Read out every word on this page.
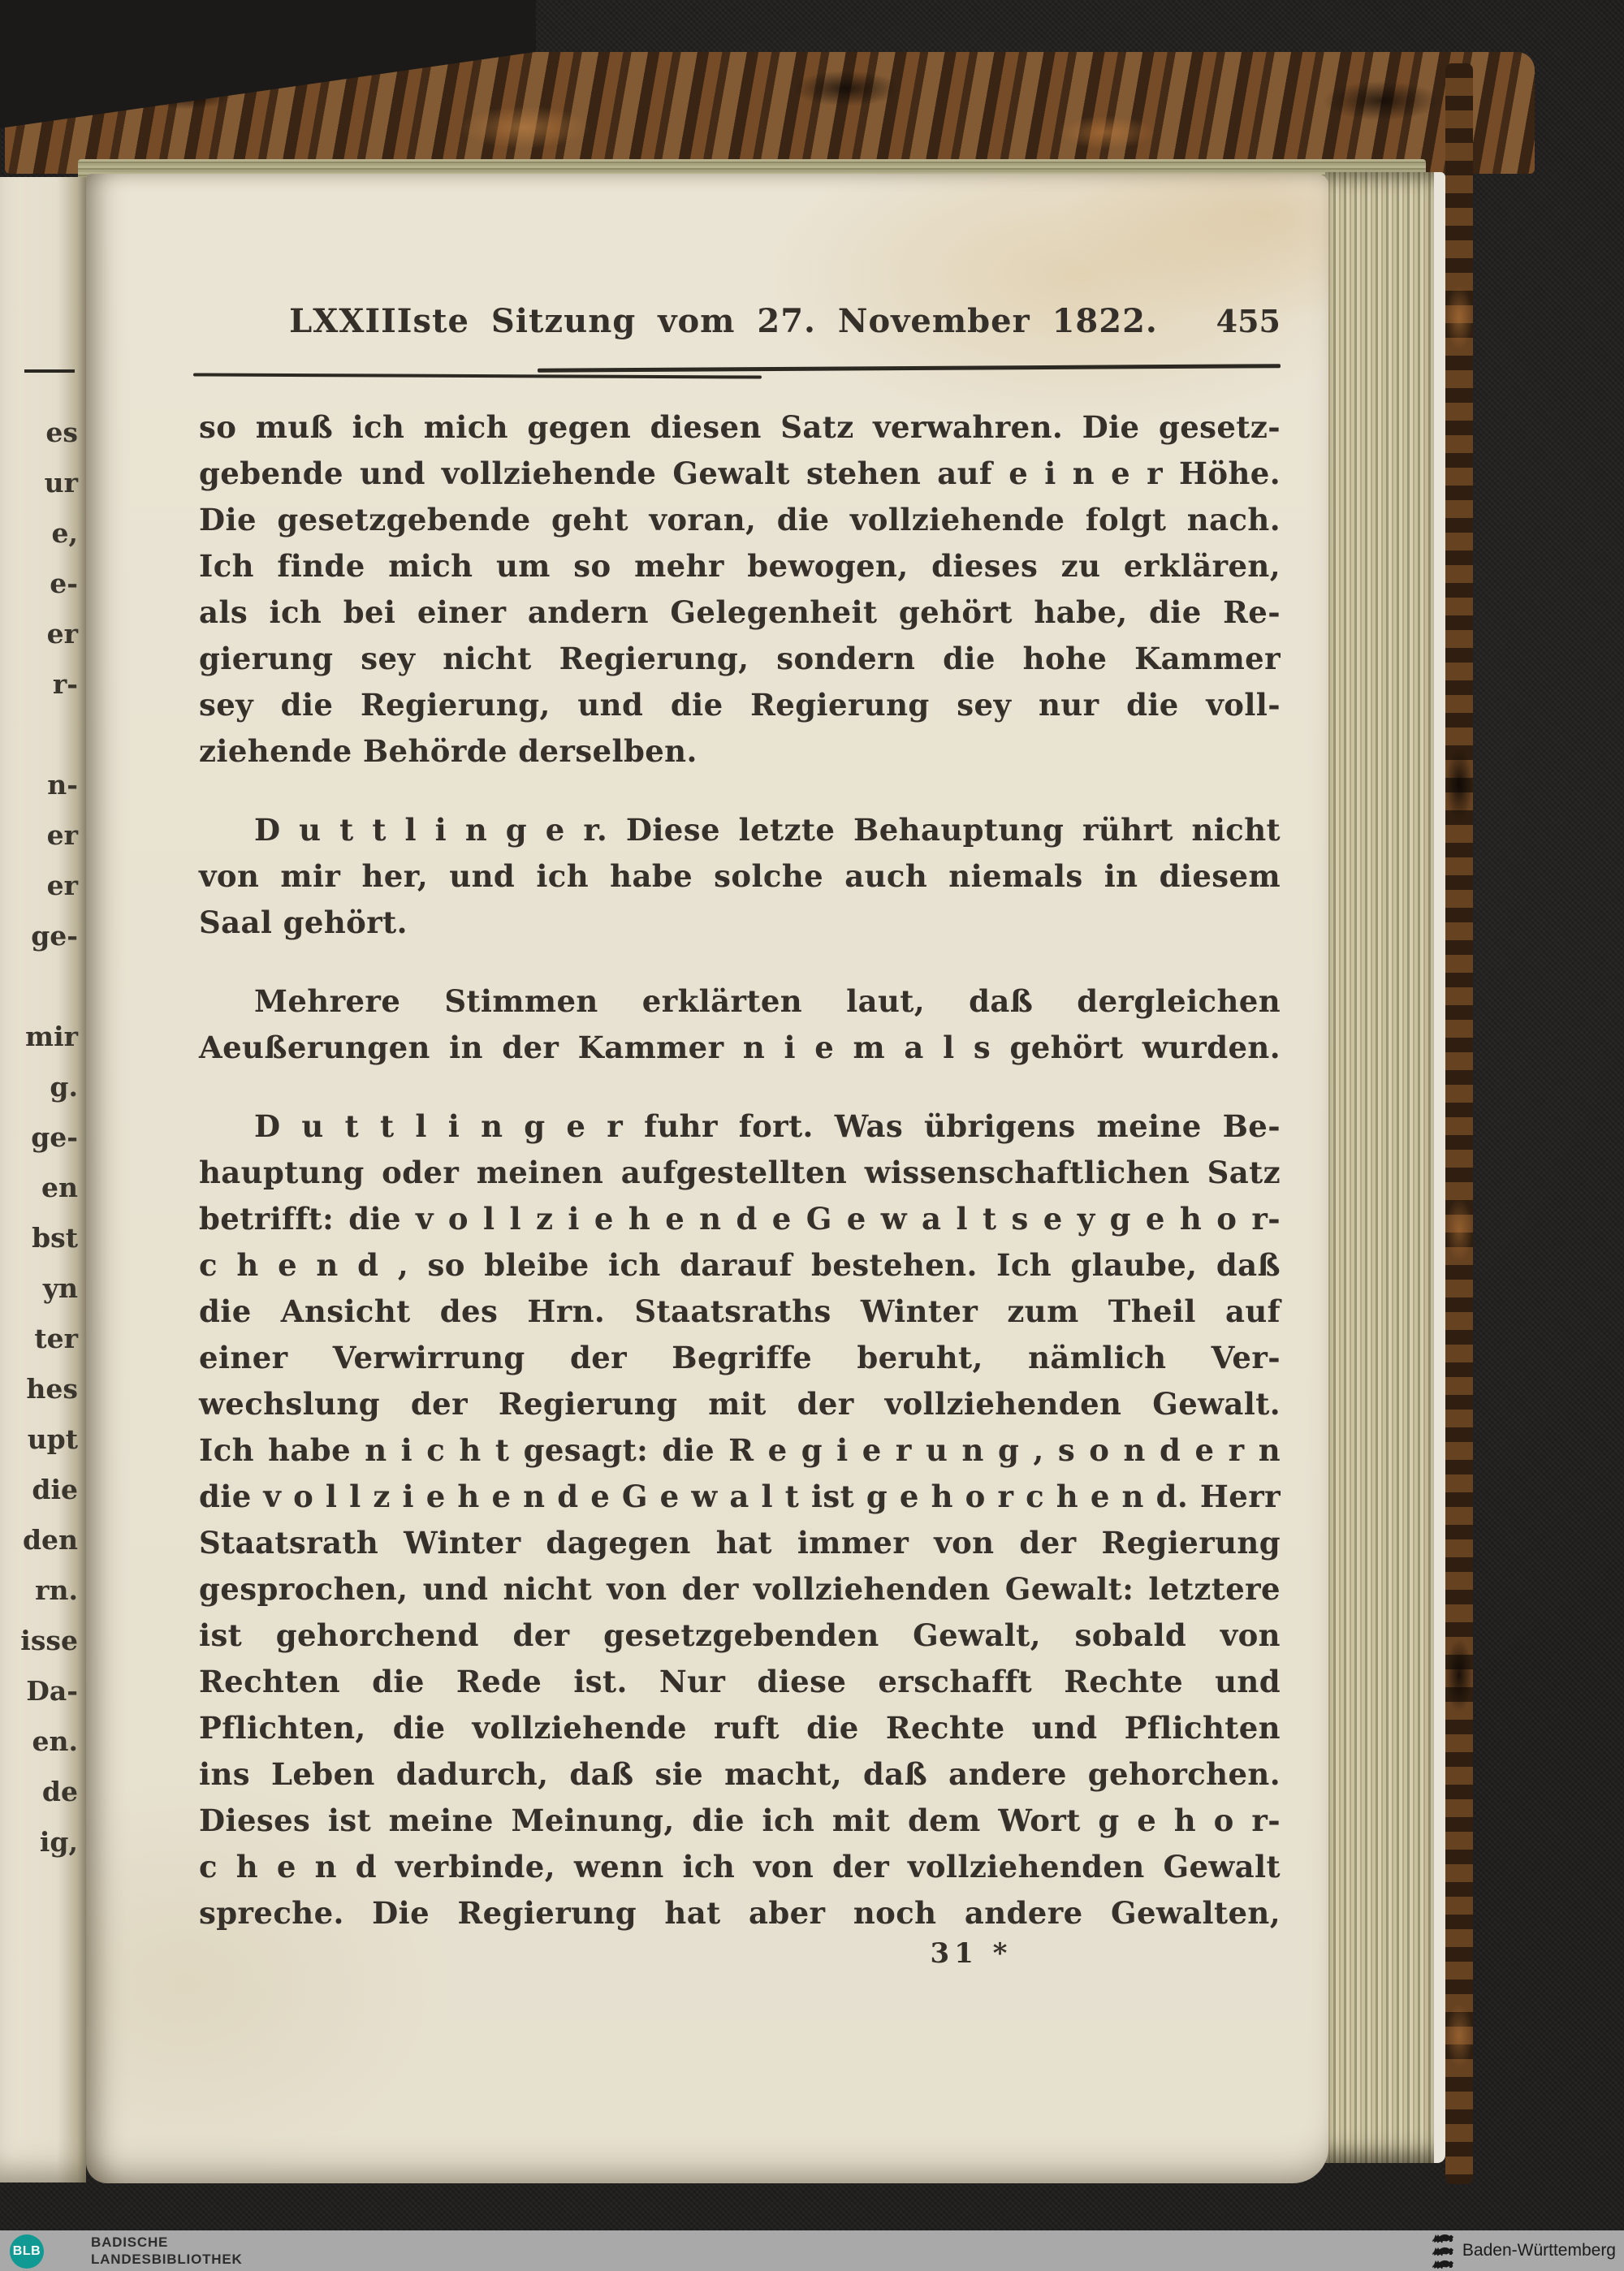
es
ur
e,
e-
er
r-
n-
er
er
ge-
mir
g.
ge-
en
bst
yn
ter
hes
upt
die
den
rn.
isse
Da-
en.
de
ig,
LXXIIIste Sitzung vom 27. November 1822.	455
so muß ich mich gegen diesen Satz verwahren. Die gesetz-
gebende und vollziehende Gewalt stehen auf e i n e r Höhe.
Die gesetzgebende geht voran, die vollziehende folgt nach.
Ich finde mich um so mehr bewogen, dieses zu erklären,
als ich bei einer andern Gelegenheit gehört habe, die Re-
gierung sey nicht Regierung, sondern die hohe Kammer
sey die Regierung, und die Regierung sey nur die voll-
ziehende Behörde derselben.
D u t t l i n g e r. Diese letzte Behauptung rührt nicht
von mir her, und ich habe solche auch niemals in diesem
Saal gehört.
Mehrere Stimmen erklärten laut, daß dergleichen
Aeußerungen in der Kammer n i e m a l s gehört wurden.
D u t t l i n g e r fuhr fort. Was übrigens meine Be-
hauptung oder meinen aufgestellten wissenschaftlichen Satz
betrifft: die v o l l z i e h e n d e G e w a l t s e y g e h o r-
c h e n d , so bleibe ich darauf bestehen. Ich glaube, daß
die Ansicht des Hrn. Staatsraths Winter zum Theil auf
einer Verwirrung der Begriffe beruht, nämlich Ver-
wechslung der Regierung mit der vollziehenden Gewalt.
Ich habe n i c h t gesagt: die R e g i e r u n g , s o n d e r n
die v o l l z i e h e n d e G e w a l t ist g e h o r c h e n d. Herr
Staatsrath Winter dagegen hat immer von der Regierung
gesprochen, und nicht von der vollziehenden Gewalt: letztere
ist gehorchend der gesetzgebenden Gewalt, sobald von
Rechten die Rede ist. Nur diese erschafft Rechte und
Pflichten, die vollziehende ruft die Rechte und Pflichten
ins Leben dadurch, daß sie macht, daß andere gehorchen.
Dieses ist meine Meinung, die ich mit dem Wort g e h o r-
c h e n d verbinde, wenn ich von der vollziehenden Gewalt
spreche. Die Regierung hat aber noch andere Gewalten,
31 *
BLB
BADISCHE
LANDESBIBLIOTHEK	Baden-Württemberg
